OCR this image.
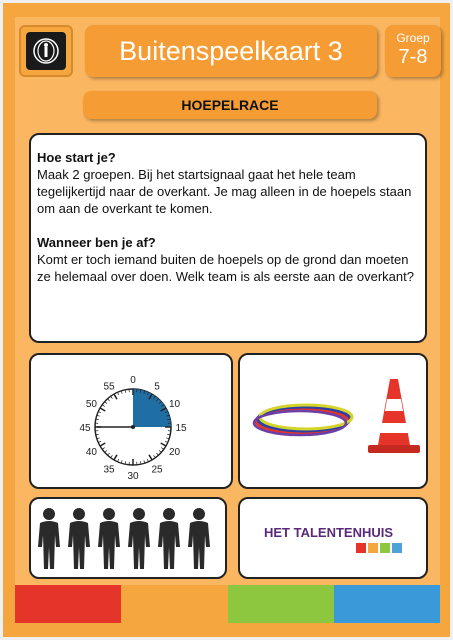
Buitenspeelkaart 3	Groep
7-8
HOEPELRACE
Hoe start je?

Maak 2 groepen. Bij het startsignaal gaat het hele team tegelijkertijd naar de overkant. Je mag alleen in de hoepels staan om aan de overkant te komen.

Wanneer ben je af?

Komt er toch iemand buiten de hoepels op de grond dan moeten ze helemaal over doen. Welk team is als eerste aan de overkant?

0
5
10
15
20
25
30
35
40
45
50
55
HET TALENTENHUIS
